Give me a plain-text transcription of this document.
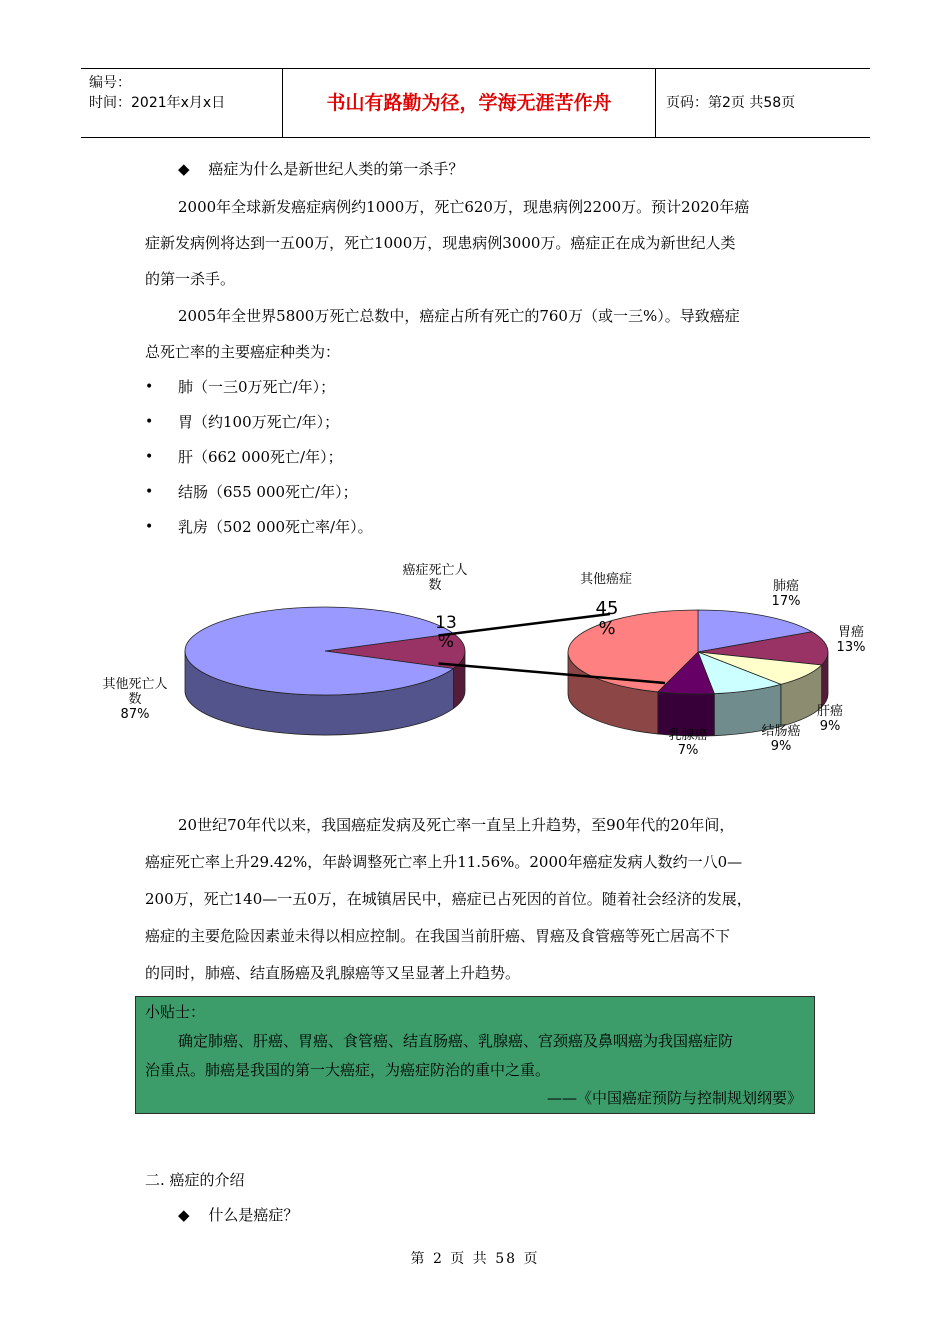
编号：
时间：2021年x月x日	书山有路勤为径，学海无涯苦作舟	页码：第2页 共58页
◆ 癌症为什么是新世纪人类的第一杀手？
2000年全球新发癌症病例约1000万，死亡620万，现患病例2200万。预计2020年癌
症新发病例将达到一五00万，死亡1000万，现患病例3000万。癌症正在成为新世纪人类
的第一杀手。
2005年全世界5800万死亡总数中，癌症占所有死亡的760万（或一三%）。导致癌症
总死亡率的主要癌症种类为：
• 肺（一三0万死亡/年）；
• 胃（约100万死亡/年）；
• 肝（662 000死亡/年）；
• 结肠（655 000死亡/年）；
• 乳房（502 000死亡率/年）。
癌症死亡人数
13 %
其他死亡人数 87%
其他癌症
45 %
肺癌 17%
胃癌 13%
肝癌 9%
结肠癌 9%
乳腺癌 7%
20世纪70年代以来，我国癌症发病及死亡率一直呈上升趋势，至90年代的20年间，
癌症死亡率上升29.42%，年龄调整死亡率上升11.56%。2000年癌症发病人数约一八0—
200万，死亡140—一五0万，在城镇居民中，癌症已占死因的首位。随着社会经济的发展，
癌症的主要危险因素並未得以相应控制。在我国当前肝癌、胃癌及食管癌等死亡居高不下
的同时，肺癌、结直肠癌及乳腺癌等又呈显著上升趋势。
小贴士：
确定肺癌、肝癌、胃癌、食管癌、结直肠癌、乳腺癌、宫颈癌及鼻咽癌为我国癌症防
治重点。肺癌是我国的第一大癌症，为癌症防治的重中之重。
——《中国癌症预防与控制规划纲要》
二. 癌症的介绍
◆ 什么是癌症？
第 2 页 共 58 页
